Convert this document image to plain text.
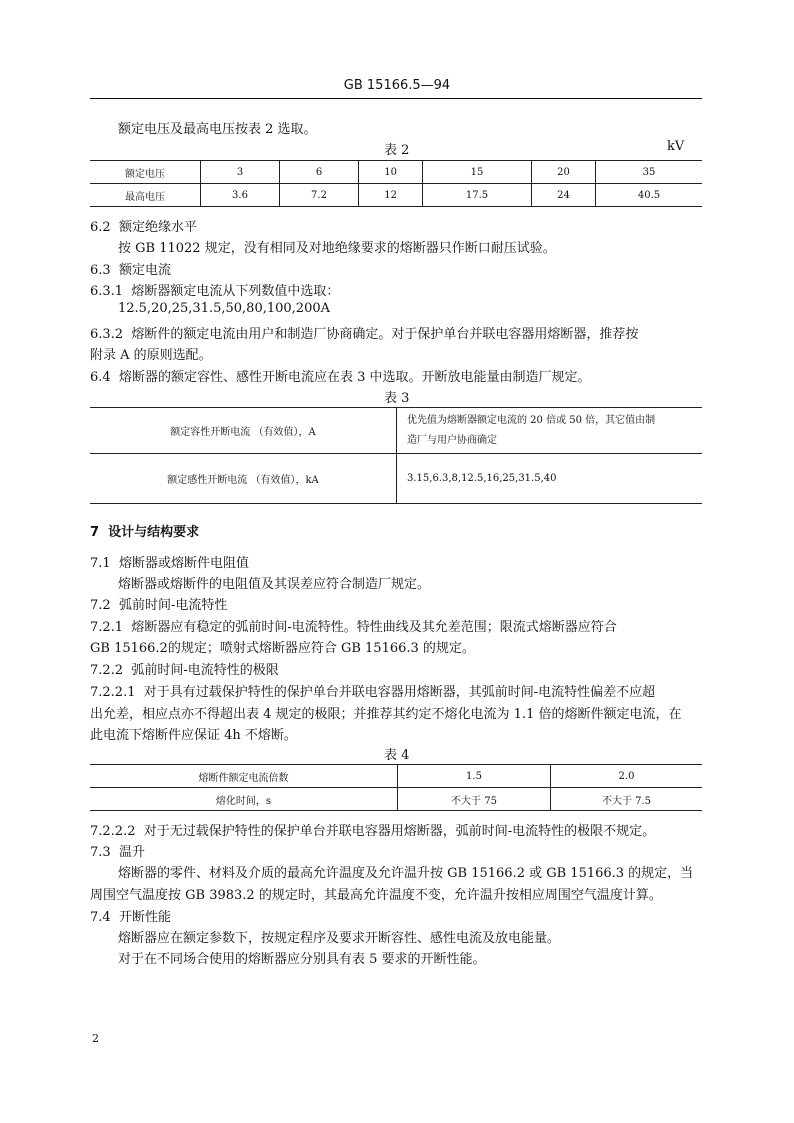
GB 15166.5—94
额定电压及最高电压按表 2 选取。
表 2	kV
额定电压	3	6	10	15	20	35
最高电压	3.6	7.2	12	17.5	24	40.5
6.2 额定绝缘水平
按 GB 11022 规定，没有相同及对地绝缘要求的熔断器只作断口耐压试验。
6.3 额定电流
6.3.1 熔断器额定电流从下列数值中选取：
12.5,20,25,31.5,50,80,100,200A
6.3.2 熔断件的额定电流由用户和制造厂协商确定。对于保护单台并联电容器用熔断器，推荐按
附录 A 的原则选配。
6.4 熔断器的额定容性、感性开断电流应在表 3 中选取。开断放电能量由制造厂规定。
表 3
额定容性开断电流 （有效值），A	优先值为熔断器额定电流的 20 倍或 50 倍，其它值由制
造厂与用户协商确定

额定感性开断电流 （有效值），kA	3.15,6.3,8,12.5,16,25,31.5,40
7 设计与结构要求
7.1 熔断器或熔断件电阻值
熔断器或熔断件的电阻值及其误差应符合制造厂规定。
7.2 弧前时间-电流特性
7.2.1 熔断器应有稳定的弧前时间-电流特性。特性曲线及其允差范围；限流式熔断器应符合
GB 15166.2的规定；喷射式熔断器应符合 GB 15166.3 的规定。
7.2.2 弧前时间-电流特性的极限
7.2.2.1 对于具有过载保护特性的保护单台并联电容器用熔断器，其弧前时间-电流特性偏差不应超
出允差，相应点亦不得超出表 4 规定的极限；并推荐其约定不熔化电流为 1.1 倍的熔断件额定电流，在
此电流下熔断件应保证 4h 不熔断。
表 4
熔断件额定电流倍数	1.5	2.0
熔化时间，s	不大于 75	不大于 7.5
7.2.2.2 对于无过载保护特性的保护单台并联电容器用熔断器，弧前时间-电流特性的极限不规定。
7.3 温升
熔断器的零件、材料及介质的最高允许温度及允许温升按 GB 15166.2 或 GB 15166.3 的规定，当
周围空气温度按 GB 3983.2 的规定时，其最高允许温度不变，允许温升按相应周围空气温度计算。
7.4 开断性能
熔断器应在额定参数下，按规定程序及要求开断容性、感性电流及放电能量。
对于在不同场合使用的熔断器应分别具有表 5 要求的开断性能。
2
